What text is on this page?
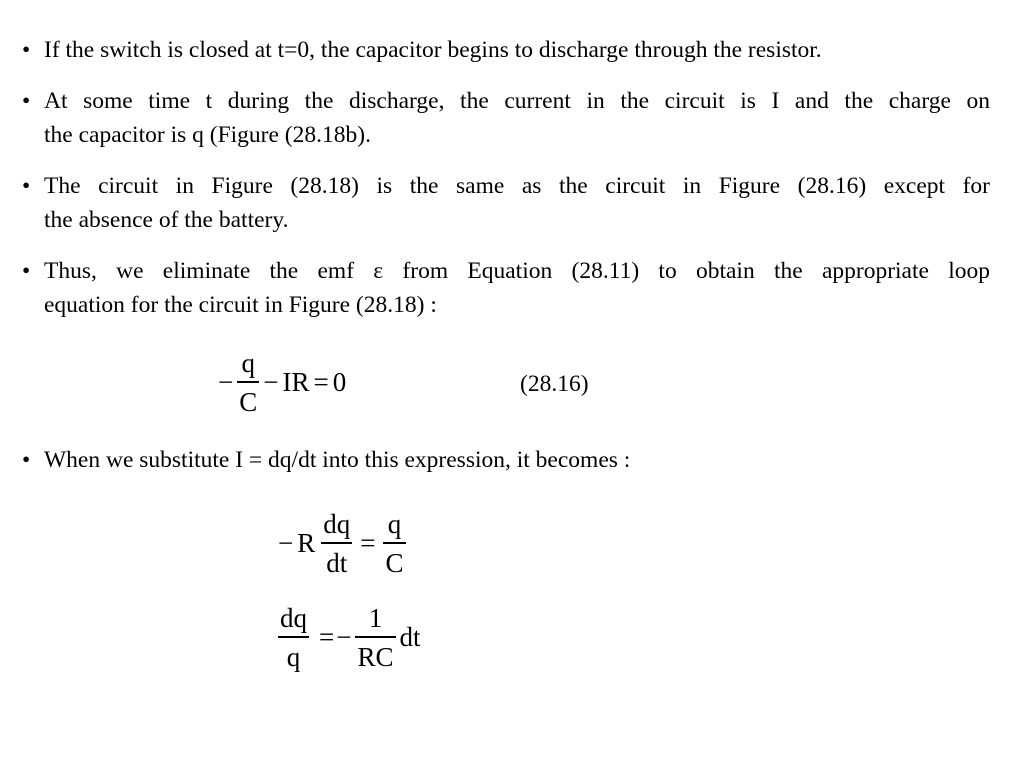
• If the switch is closed at t=0, the capacitor begins to discharge through the resistor.
• At some time t during the discharge, the current in the circuit is I and the charge on
the capacitor is q (Figure (28.18b).
• The circuit in Figure (28.18) is the same as the circuit in Figure (28.16) except for
the absence of the battery.
• Thus, we eliminate the emf ε from Equation (28.11) to obtain the appropriate loop
equation for the circuit in Figure (28.18) :
− $\frac{q}{C}$ − IR = 0	(28.16)
• When we substitute I = dq/dt into this expression, it becomes :
− R $\frac{dq}{dt} = \frac{q}{C}$
$\frac{dq}{q} =- \frac{1}{RC}$ dt
